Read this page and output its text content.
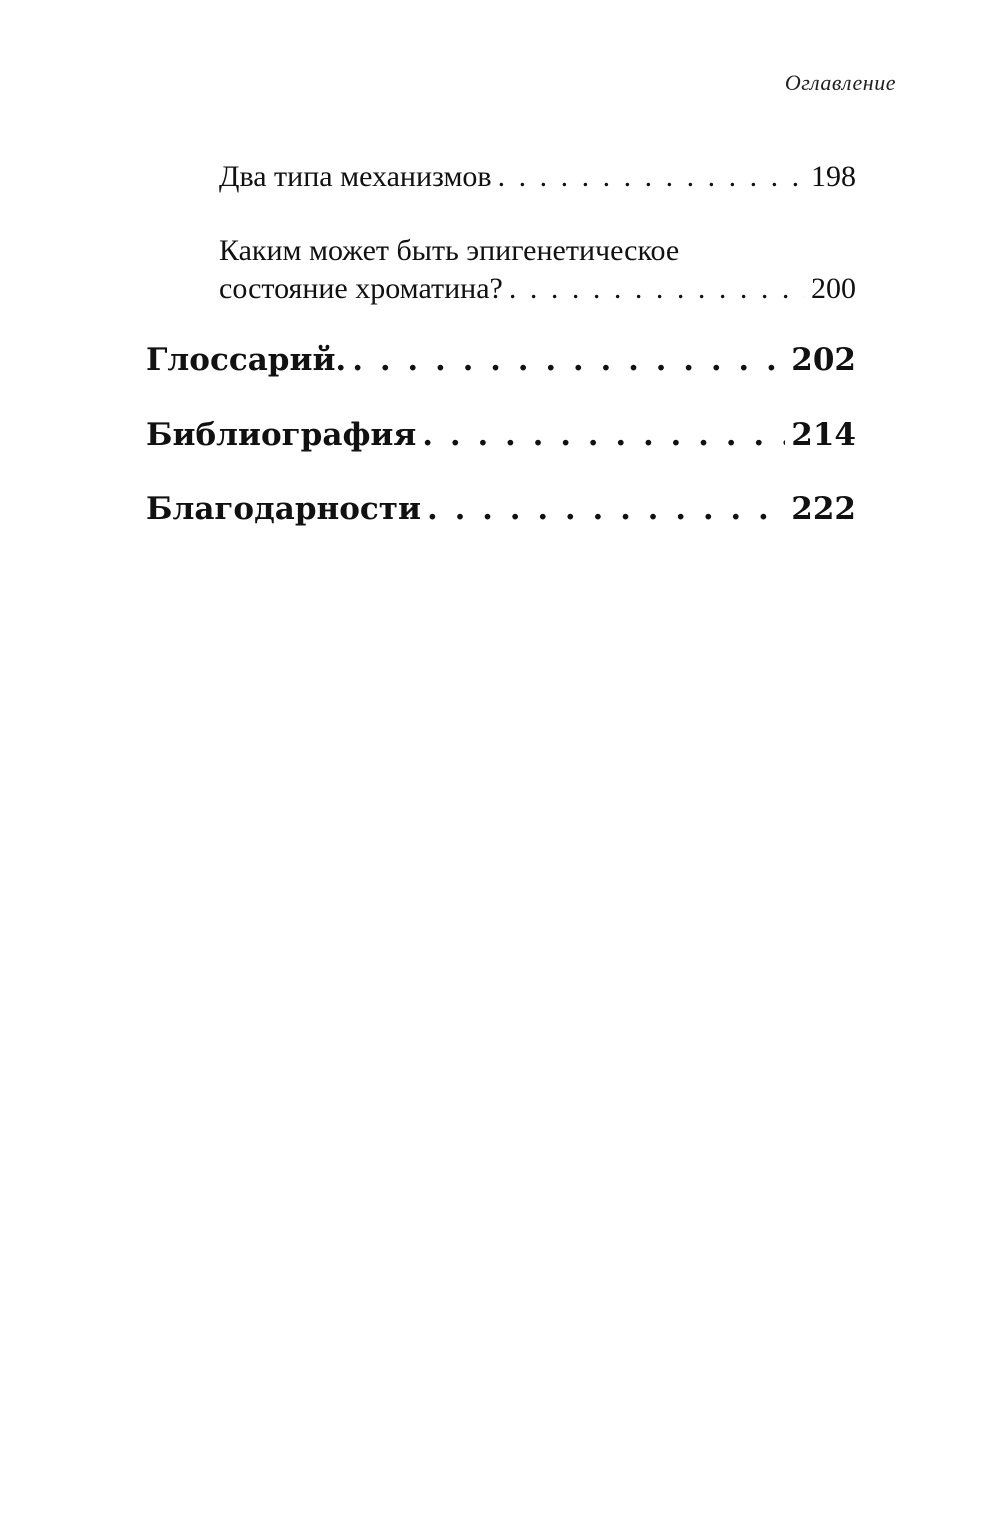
Оглавление
Два типа механизмов . . .	198
Каким может быть эпигенетическое
состояние хроматина? . . .	200
Глоссарий. . . .	202
Библиография . . .	214
Благодарности . . .	222
